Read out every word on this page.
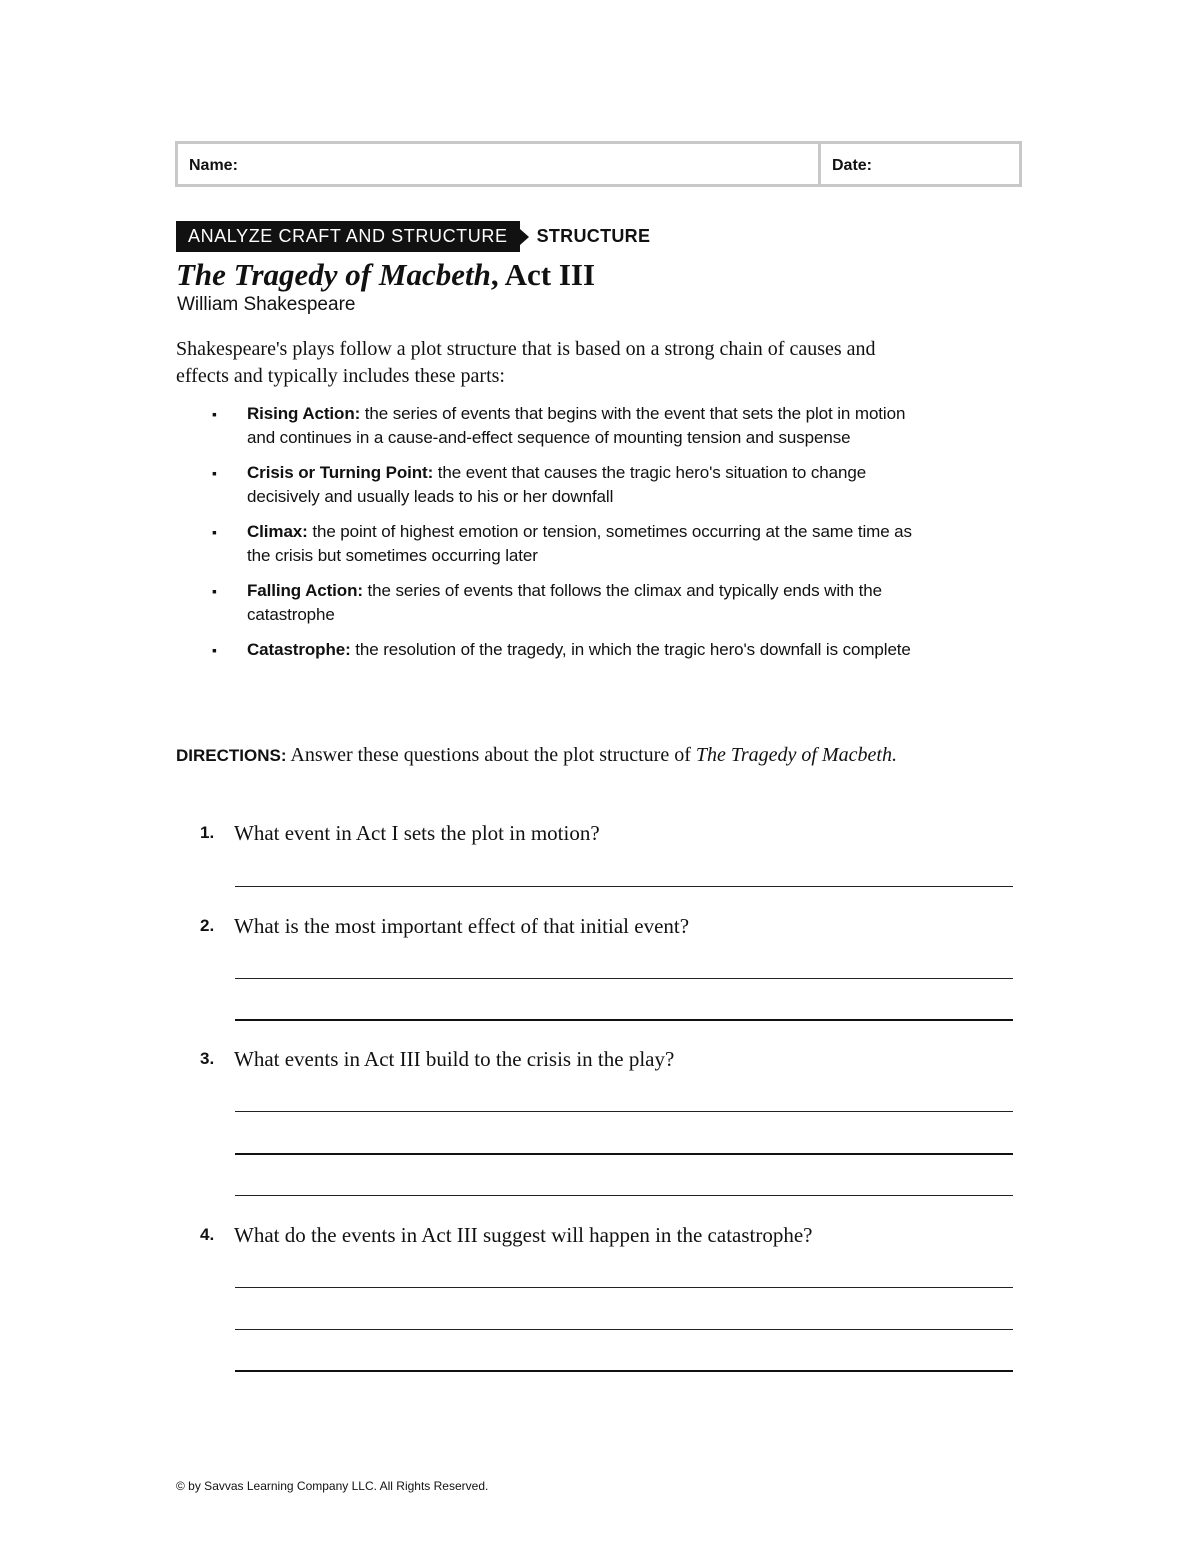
Name:	Date:
ANALYZE CRAFT AND STRUCTURE	STRUCTURE
The Tragedy of Macbeth, Act III
William Shakespeare

Shakespeare's plays follow a plot structure that is based on a strong chain of causes and effects and typically includes these parts:

▪ Rising Action: the series of events that begins with the event that sets the plot in motion and continues in a cause-and-effect sequence of mounting tension and suspense
▪ Crisis or Turning Point: the event that causes the tragic hero's situation to change decisively and usually leads to his or her downfall
▪ Climax: the point of highest emotion or tension, sometimes occurring at the same time as the crisis but sometimes occurring later
▪ Falling Action: the series of events that follows the climax and typically ends with the catastrophe
▪ Catastrophe: the resolution of the tragedy, in which the tragic hero's downfall is complete

DIRECTIONS: Answer these questions about the plot structure of The Tragedy of Macbeth.

1. What event in Act I sets the plot in motion?
2. What is the most important effect of that initial event?
3. What events in Act III build to the crisis in the play?
4. What do the events in Act III suggest will happen in the catastrophe?
© by Savvas Learning Company LLC. All Rights Reserved.
